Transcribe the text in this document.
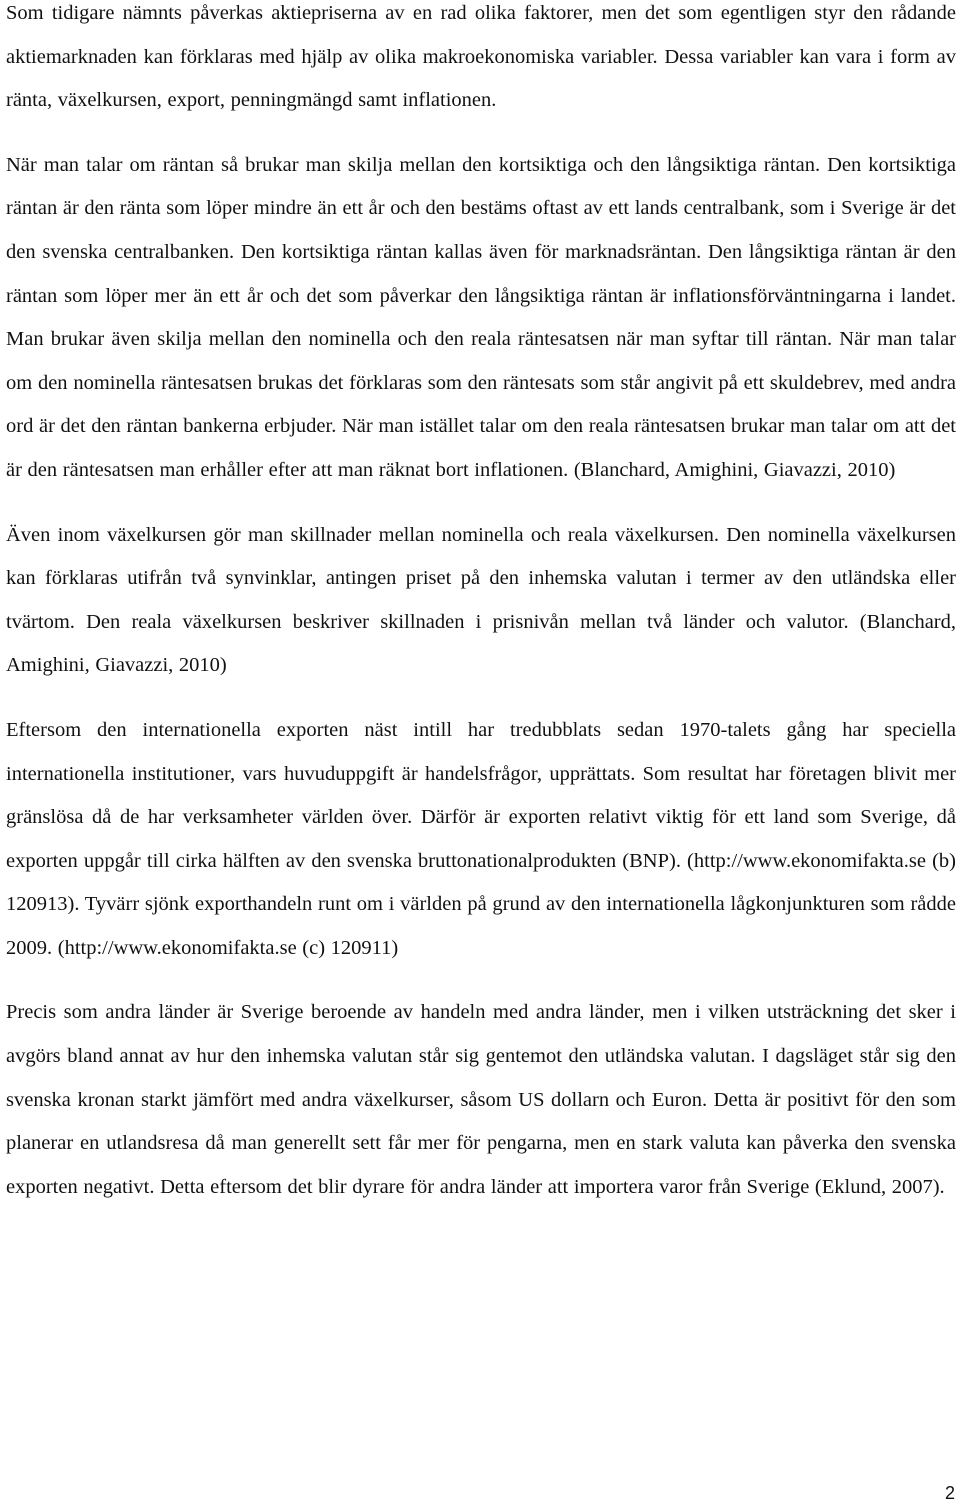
Som tidigare nämnts påverkas aktiepriserna av en rad olika faktorer, men det som egentligen styr den rådande aktiemarknaden kan förklaras med hjälp av olika makroekonomiska variabler. Dessa variabler kan vara i form av ränta, växelkursen, export, penningmängd samt inflationen.

När man talar om räntan så brukar man skilja mellan den kortsiktiga och den långsiktiga räntan. Den kortsiktiga räntan är den ränta som löper mindre än ett år och den bestäms oftast av ett lands centralbank, som i Sverige är det den svenska centralbanken. Den kortsiktiga räntan kallas även för marknadsräntan. Den långsiktiga räntan är den räntan som löper mer än ett år och det som påverkar den långsiktiga räntan är inflationsförväntningarna i landet. Man brukar även skilja mellan den nominella och den reala räntesatsen när man syftar till räntan. När man talar om den nominella räntesatsen brukas det förklaras som den räntesats som står angivit på ett skuldebrev, med andra ord är det den räntan bankerna erbjuder. När man istället talar om den reala räntesatsen brukar man talar om att det är den räntesatsen man erhåller efter att man räknat bort inflationen. (Blanchard, Amighini, Giavazzi, 2010)

Även inom växelkursen gör man skillnader mellan nominella och reala växelkursen. Den nominella växelkursen kan förklaras utifrån två synvinklar, antingen priset på den inhemska valutan i termer av den utländska eller tvärtom. Den reala växelkursen beskriver skillnaden i prisnivån mellan två länder och valutor. (Blanchard, Amighini, Giavazzi, 2010)

Eftersom den internationella exporten näst intill har tredubblats sedan 1970-talets gång har speciella internationella institutioner, vars huvuduppgift är handelsfrågor, upprättats. Som resultat har företagen blivit mer gränslösa då de har verksamheter världen över. Därför är exporten relativt viktig för ett land som Sverige, då exporten uppgår till cirka hälften av den svenska bruttonationalprodukten (BNP). (http://www.ekonomifakta.se (b) 120913). Tyvärr sjönk exporthandeln runt om i världen på grund av den internationella lågkonjunkturen som rådde 2009. (http://www.ekonomifakta.se (c) 120911)

Precis som andra länder är Sverige beroende av handeln med andra länder, men i vilken utsträckning det sker i avgörs bland annat av hur den inhemska valutan står sig gentemot den utländska valutan. I dagsläget står sig den svenska kronan starkt jämfört med andra växelkurser, såsom US dollarn och Euron. Detta är positivt för den som planerar en utlandsresa då man generellt sett får mer för pengarna, men en stark valuta kan påverka den svenska exporten negativt. Detta eftersom det blir dyrare för andra länder att importera varor från Sverige (Eklund, 2007).

2
